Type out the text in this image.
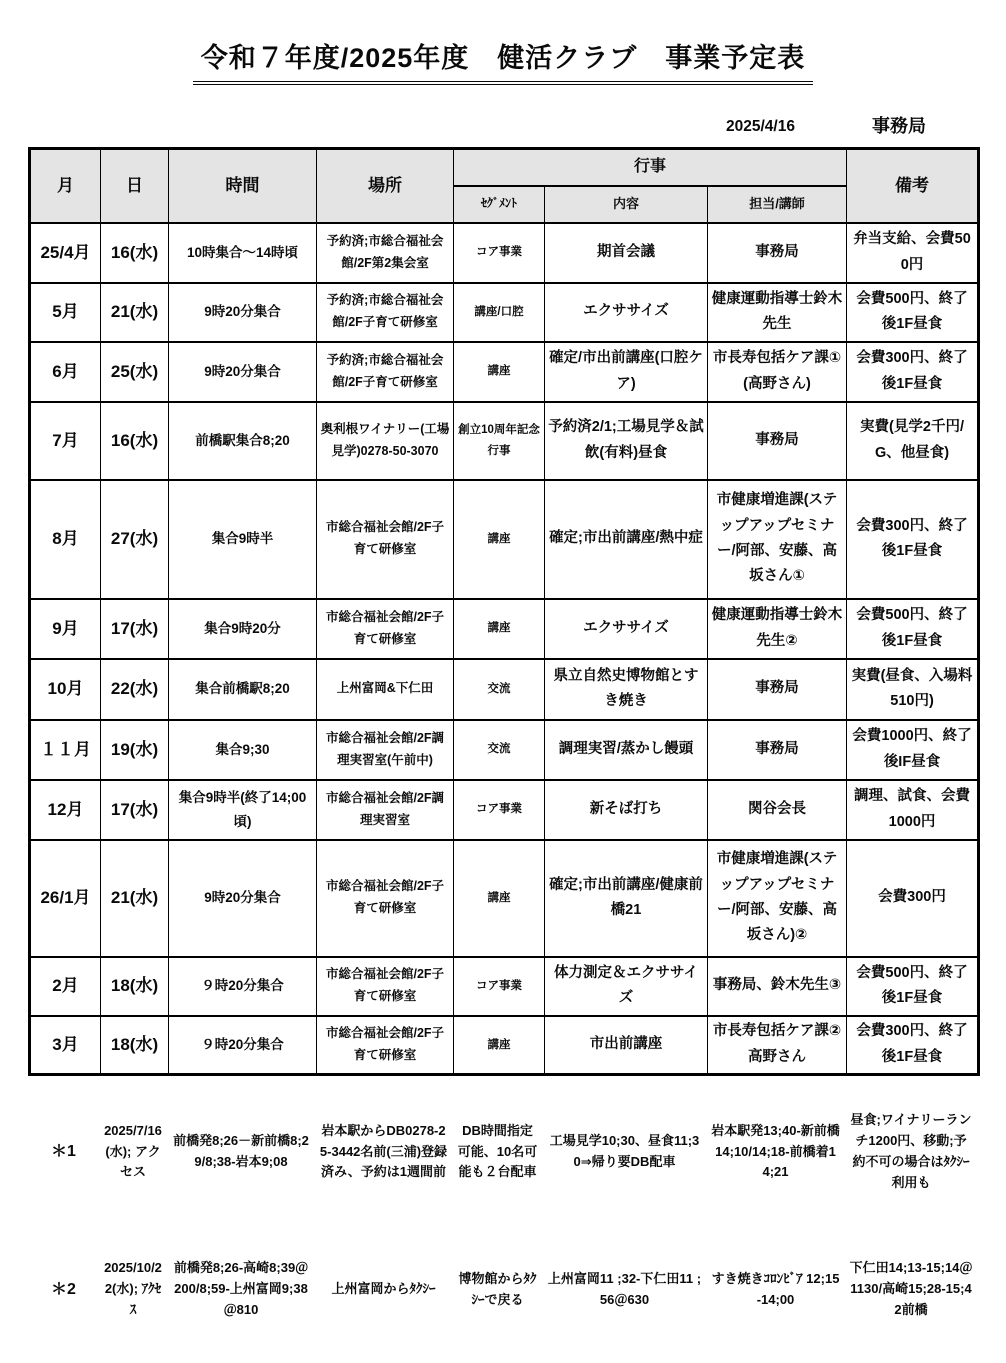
令和７年度/2025年度　健活クラブ　事業予定表
2025/4/16	事務局
月	日	時間	場所	行事			備考
				ｾｸﾞﾒﾝﾄ	内容	担当/講師	
25/4月	16(水)	10時集合〜14時頃	予約済;市総合福祉会館/2F第2集会室	コア事業	期首会議	事務局	弁当支給、会費500円
5月	21(水)	9時20分集合	予約済;市総合福祉会館/2F子育て研修室	講座/口腔	エクササイズ	健康運動指導士鈴木先生	会費500円、終了後1F昼食
6月	25(水)	9時20分集合	予約済;市総合福祉会館/2F子育て研修室	講座	確定/市出前講座(口腔ケア)	市長寿包括ケア課①(高野さん)	会費300円、終了後1F昼食
7月	16(水)	前橋駅集合8;20	奥利根ワイナリー(工場見学)0278-50-3070	創立10周年記念行事	予約済2/1;工場見学＆試飲(有料)昼食	事務局	実費(見学2千円/G、他昼食)
8月	27(水)	集合9時半	市総合福祉会館/2F子育て研修室	講座	確定;市出前講座/熱中症	市健康増進課(ステップアップセミナー/阿部、安藤、高坂さん①	会費300円、終了後1F昼食
9月	17(水)	集合9時20分	市総合福祉会館/2F子育て研修室	講座	エクササイズ	健康運動指導士鈴木先生②	会費500円、終了後1F昼食
10月	22(水)	集合前橋駅8;20	上州富岡&下仁田	交流	県立自然史博物館とすき焼き	事務局	実費(昼食、入場料510円)
１１月	19(水)	集合9;30	市総合福祉会館/2F調理実習室(午前中)	交流	調理実習/蒸かし饅頭	事務局	会費1000円、終了後IF昼食
12月	17(水)	集合9時半(終了14;00頃)	市総合福祉会館/2F調理実習室	コア事業	新そば打ち	関谷会長	調理、試食、会費1000円
26/1月	21(水)	9時20分集合	市総合福祉会館/2F子育て研修室	講座	確定;市出前講座/健康前橋21	市健康増進課(ステップアップセミナー/阿部、安藤、高坂さん)②	会費300円
2月	18(水)	９時20分集合	市総合福祉会館/2F子育て研修室	コア事業	体力測定＆エクササイズ	事務局、鈴木先生③	会費500円、終了後1F昼食
3月	18(水)	９時20分集合	市総合福祉会館/2F子育て研修室	講座	市出前講座	市長寿包括ケア課②高野さん	会費300円、終了後1F昼食
＊1	2025/7/16(水); アクセス	前橋発8;26－新前橋8;29/8;38-岩本9;08	岩本駅からDB0278-25-3442名前(三浦)登録済み、予約は1週間前	DB時間指定可能、10名可能も２台配車	工場見学10;30、昼食11;30⇒帰り要DB配車	岩本駅発13;40-新前橋14;10/14;18-前橋着14;21	昼食;ワイナリーランチ1200円、移動;予約不可の場合はﾀｸｼｰ利用も
＊2	2025/10/22(水); ｱｸｾｽ	前橋発8;26-高崎8;39＠200/8;59-上州富岡9;38＠810	上州富岡からﾀｸｼｰ	博物館からﾀｸｼｰで戻る	上州富岡11 ;32-下仁田11 ;56＠630	すき焼きｺﾛﾝﾋﾞｱ 12;15-14;00	下仁田14;13-15;14＠1130/高崎15;28-15;42前橋
